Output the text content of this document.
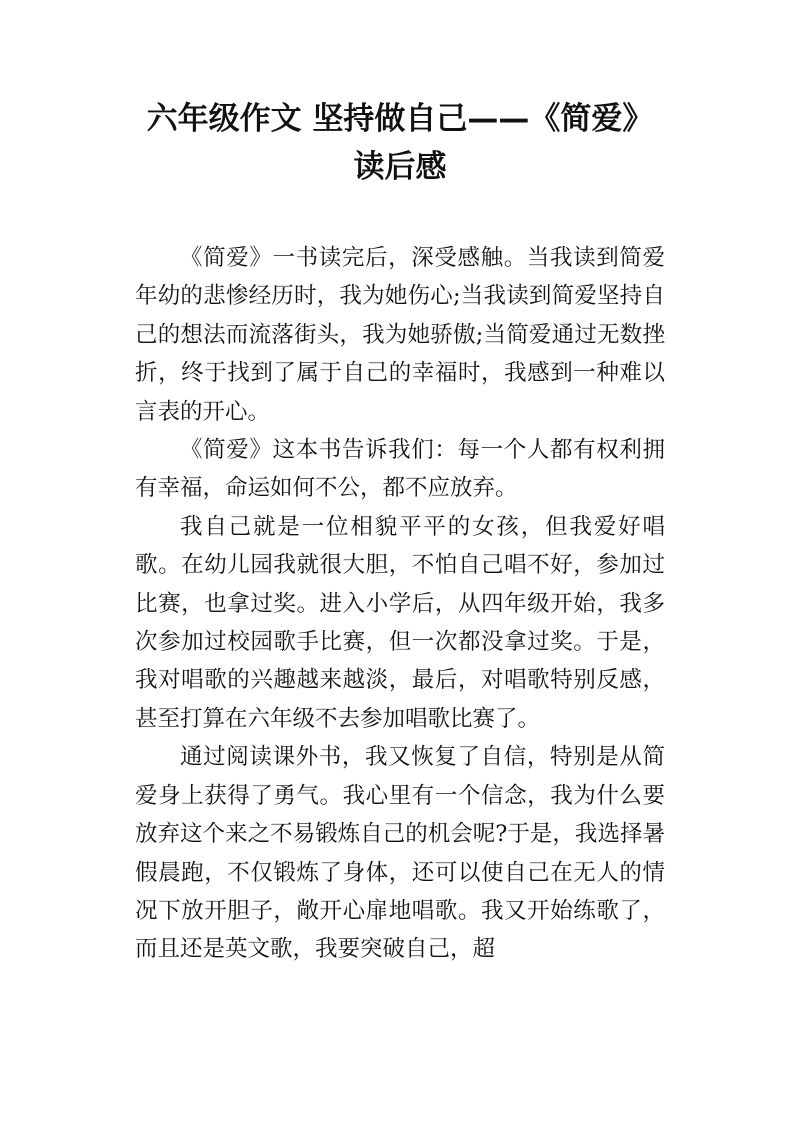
六年级作文 坚持做自己——《简爱》
读后感

《简爱》一书读完后，深受感触。当我读到简爱年幼的悲惨经历时，我为她伤心;当我读到简爱坚持自己的想法而流落街头，我为她骄傲;当简爱通过无数挫折，终于找到了属于自己的幸福时，我感到一种难以言表的开心。

《简爱》这本书告诉我们：每一个人都有权利拥有幸福，命运如何不公，都不应放弃。

我自己就是一位相貌平平的女孩，但我爱好唱歌。在幼儿园我就很大胆，不怕自己唱不好，参加过比赛，也拿过奖。进入小学后，从四年级开始，我多次参加过校园歌手比赛，但一次都没拿过奖。于是，我对唱歌的兴趣越来越淡，最后，对唱歌特别反感，甚至打算在六年级不去参加唱歌比赛了。

通过阅读课外书，我又恢复了自信，特别是从简爱身上获得了勇气。我心里有一个信念，我为什么要放弃这个来之不易锻炼自己的机会呢?于是，我选择暑假晨跑，不仅锻炼了身体，还可以使自己在无人的情况下放开胆子，敞开心扉地唱歌。我又开始练歌了，而且还是英文歌，我要突破自己，超
